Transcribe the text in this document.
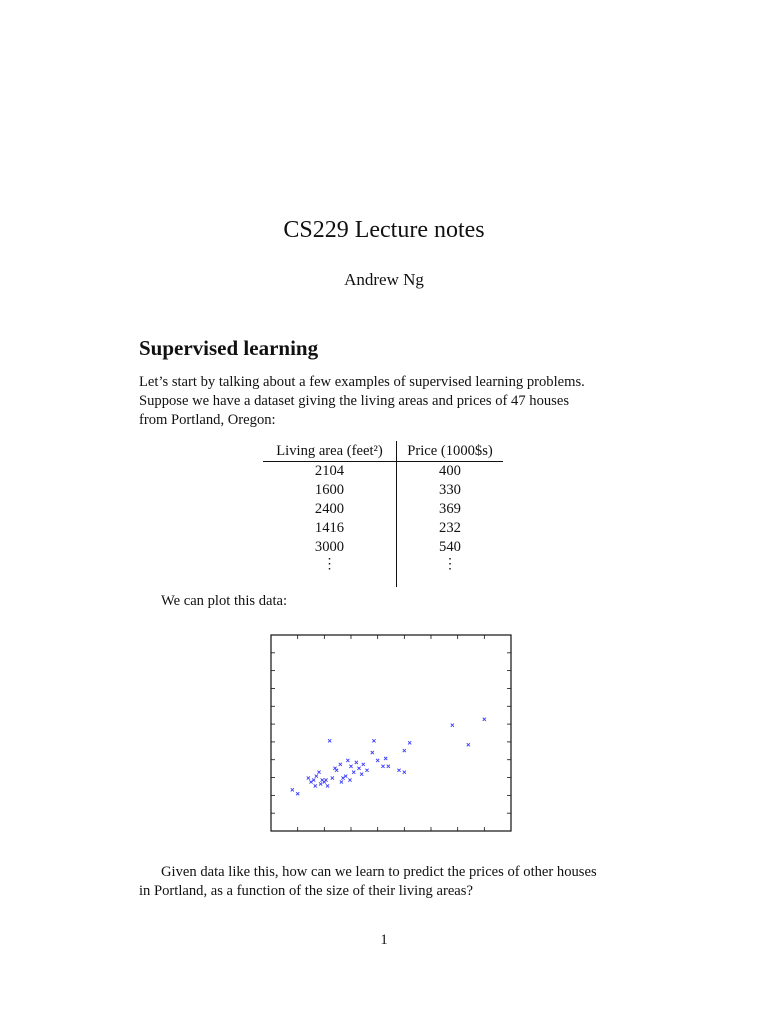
CS229 Lecture notes
Andrew Ng
Supervised learning
Let’s start by talking about a few examples of supervised learning problems.
Suppose we have a dataset giving the living areas and prices of 47 houses
from Portland, Oregon:
Living area (feet²)	Price (1000$s)
2104	400
1600	330
2400	369
1416	232
3000	540
⋮	⋮
We can plot this data:
Given data like this, how can we learn to predict the prices of other houses
in Portland, as a function of the size of their living areas?
1
